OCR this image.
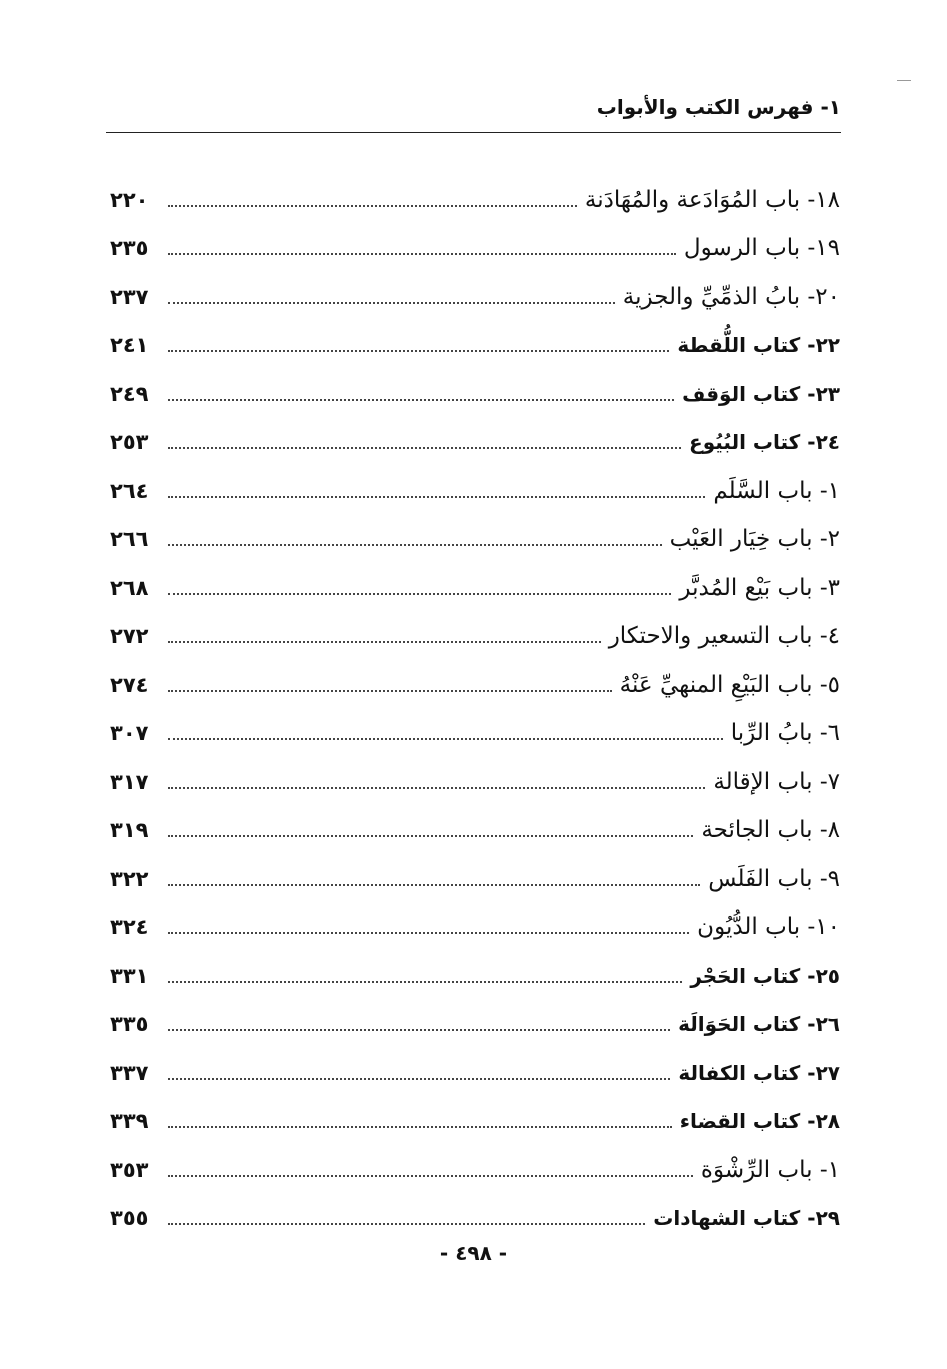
١- فهرس الكتب والأبواب
١٨- باب المُوَادَعة والمُهَادَنة
٢٢٠
١٩- باب الرسول
٢٣٥
٢٠- بابُ الذمِّيِّ والجزية
٢٣٧
٢٢- كتاب اللُّقطة
٢٤١
٢٣- كتاب الوَقف
٢٤٩
٢٤- كتاب البُيُوع
٢٥٣
١- باب السَّلَم
٢٦٤
٢- باب خِيَار العَيْب
٢٦٦
٣- باب بَيْع المُدبَّر
٢٦٨
٤- باب التسعير والاحتكار
٢٧٢
٥- باب البَيْعِ المنهيِّ عَنْهُ
٢٧٤
٦- بابُ الرِّبا
٣٠٧
٧- باب الإقالة
٣١٧
٨- باب الجائحة
٣١٩
٩- باب الفَلَس
٣٢٢
١٠- باب الدُّيُون
٣٢٤
٢٥- كتاب الحَجْر
٣٣١
٢٦- كتاب الحَوَالَة
٣٣٥
٢٧- كتاب الكفالة
٣٣٧
٢٨- كتاب القضاء
٣٣٩
١- باب الرِّشْوَة
٣٥٣
٢٩- كتاب الشهادات
٣٥٥
- ٤٩٨ -
